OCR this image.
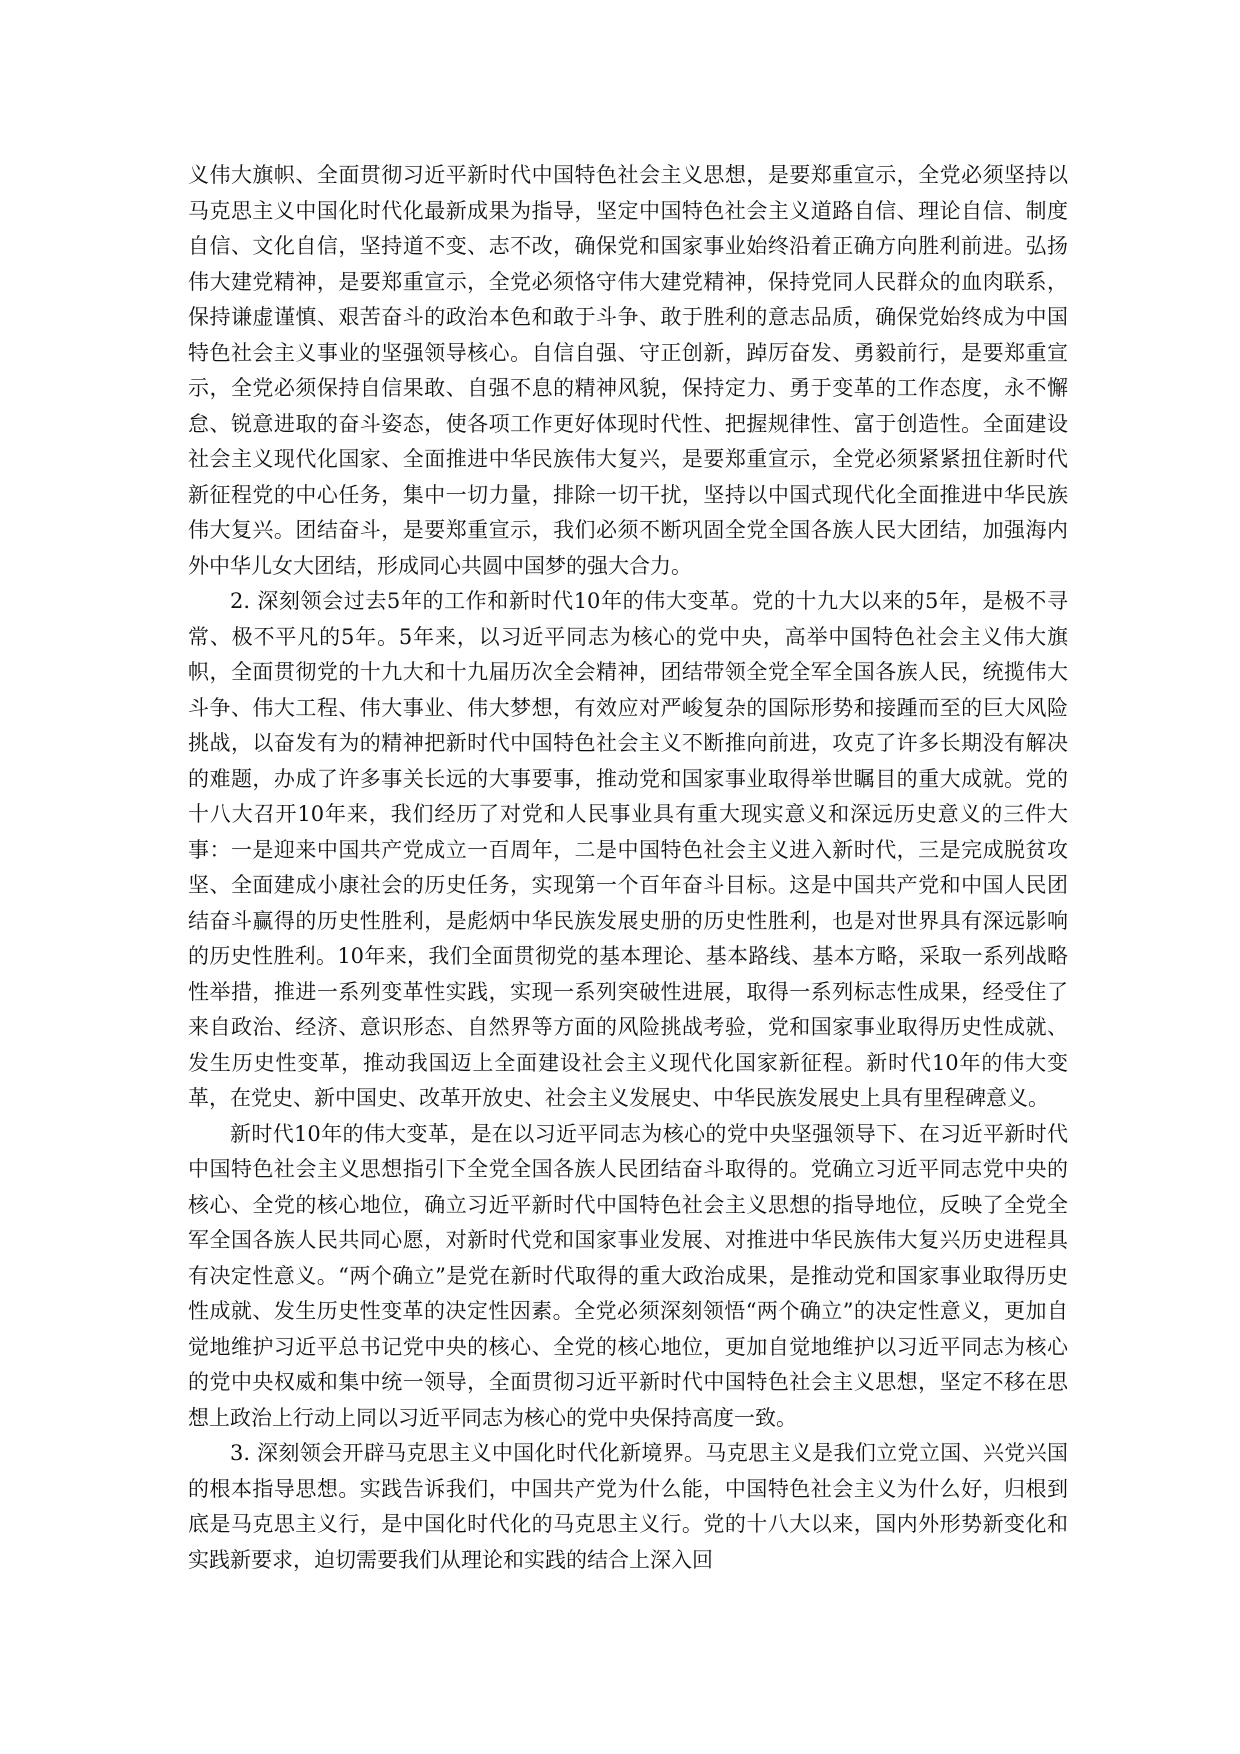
义伟大旗帜、全面贯彻习近平新时代中国特色社会主义思想，是要郑重宣示，全党必须坚持以马克思主义中国化时代化最新成果为指导，坚定中国特色社会主义道路自信、理论自信、制度自信、文化自信，坚持道不变、志不改，确保党和国家事业始终沿着正确方向胜利前进。弘扬伟大建党精神，是要郑重宣示，全党必须恪守伟大建党精神，保持党同人民群众的血肉联系，保持谦虚谨慎、艰苦奋斗的政治本色和敢于斗争、敢于胜利的意志品质，确保党始终成为中国特色社会主义事业的坚强领导核心。自信自强、守正创新，踔厉奋发、勇毅前行，是要郑重宣示，全党必须保持自信果敢、自强不息的精神风貌，保持定力、勇于变革的工作态度，永不懈怠、锐意进取的奋斗姿态，使各项工作更好体现时代性、把握规律性、富于创造性。全面建设社会主义现代化国家、全面推进中华民族伟大复兴，是要郑重宣示，全党必须紧紧扭住新时代新征程党的中心任务，集中一切力量，排除一切干扰，坚持以中国式现代化全面推进中华民族伟大复兴。团结奋斗，是要郑重宣示，我们必须不断巩固全党全国各族人民大团结，加强海内外中华儿女大团结，形成同心共圆中国梦的强大合力。

2. 深刻领会过去5年的工作和新时代10年的伟大变革。党的十九大以来的5年，是极不寻常、极不平凡的5年。5年来，以习近平同志为核心的党中央，高举中国特色社会主义伟大旗帜，全面贯彻党的十九大和十九届历次全会精神，团结带领全党全军全国各族人民，统揽伟大斗争、伟大工程、伟大事业、伟大梦想，有效应对严峻复杂的国际形势和接踵而至的巨大风险挑战，以奋发有为的精神把新时代中国特色社会主义不断推向前进，攻克了许多长期没有解决的难题，办成了许多事关长远的大事要事，推动党和国家事业取得举世瞩目的重大成就。党的十八大召开10年来，我们经历了对党和人民事业具有重大现实意义和深远历史意义的三件大事：一是迎来中国共产党成立一百周年，二是中国特色社会主义进入新时代，三是完成脱贫攻坚、全面建成小康社会的历史任务，实现第一个百年奋斗目标。这是中国共产党和中国人民团结奋斗赢得的历史性胜利，是彪炳中华民族发展史册的历史性胜利，也是对世界具有深远影响的历史性胜利。10年来，我们全面贯彻党的基本理论、基本路线、基本方略，采取一系列战略性举措，推进一系列变革性实践，实现一系列突破性进展，取得一系列标志性成果，经受住了来自政治、经济、意识形态、自然界等方面的风险挑战考验，党和国家事业取得历史性成就、发生历史性变革，推动我国迈上全面建设社会主义现代化国家新征程。新时代10年的伟大变革，在党史、新中国史、改革开放史、社会主义发展史、中华民族发展史上具有里程碑意义。

新时代10年的伟大变革，是在以习近平同志为核心的党中央坚强领导下、在习近平新时代中国特色社会主义思想指引下全党全国各族人民团结奋斗取得的。党确立习近平同志党中央的核心、全党的核心地位，确立习近平新时代中国特色社会主义思想的指导地位，反映了全党全军全国各族人民共同心愿，对新时代党和国家事业发展、对推进中华民族伟大复兴历史进程具有决定性意义。“两个确立”是党在新时代取得的重大政治成果，是推动党和国家事业取得历史性成就、发生历史性变革的决定性因素。全党必须深刻领悟“两个确立”的决定性意义，更加自觉地维护习近平总书记党中央的核心、全党的核心地位，更加自觉地维护以习近平同志为核心的党中央权威和集中统一领导，全面贯彻习近平新时代中国特色社会主义思想，坚定不移在思想上政治上行动上同以习近平同志为核心的党中央保持高度一致。

3. 深刻领会开辟马克思主义中国化时代化新境界。马克思主义是我们立党立国、兴党兴国的根本指导思想。实践告诉我们，中国共产党为什么能，中国特色社会主义为什么好，归根到底是马克思主义行，是中国化时代化的马克思主义行。党的十八大以来，国内外形势新变化和实践新要求，迫切需要我们从理论和实践的结合上深入回
